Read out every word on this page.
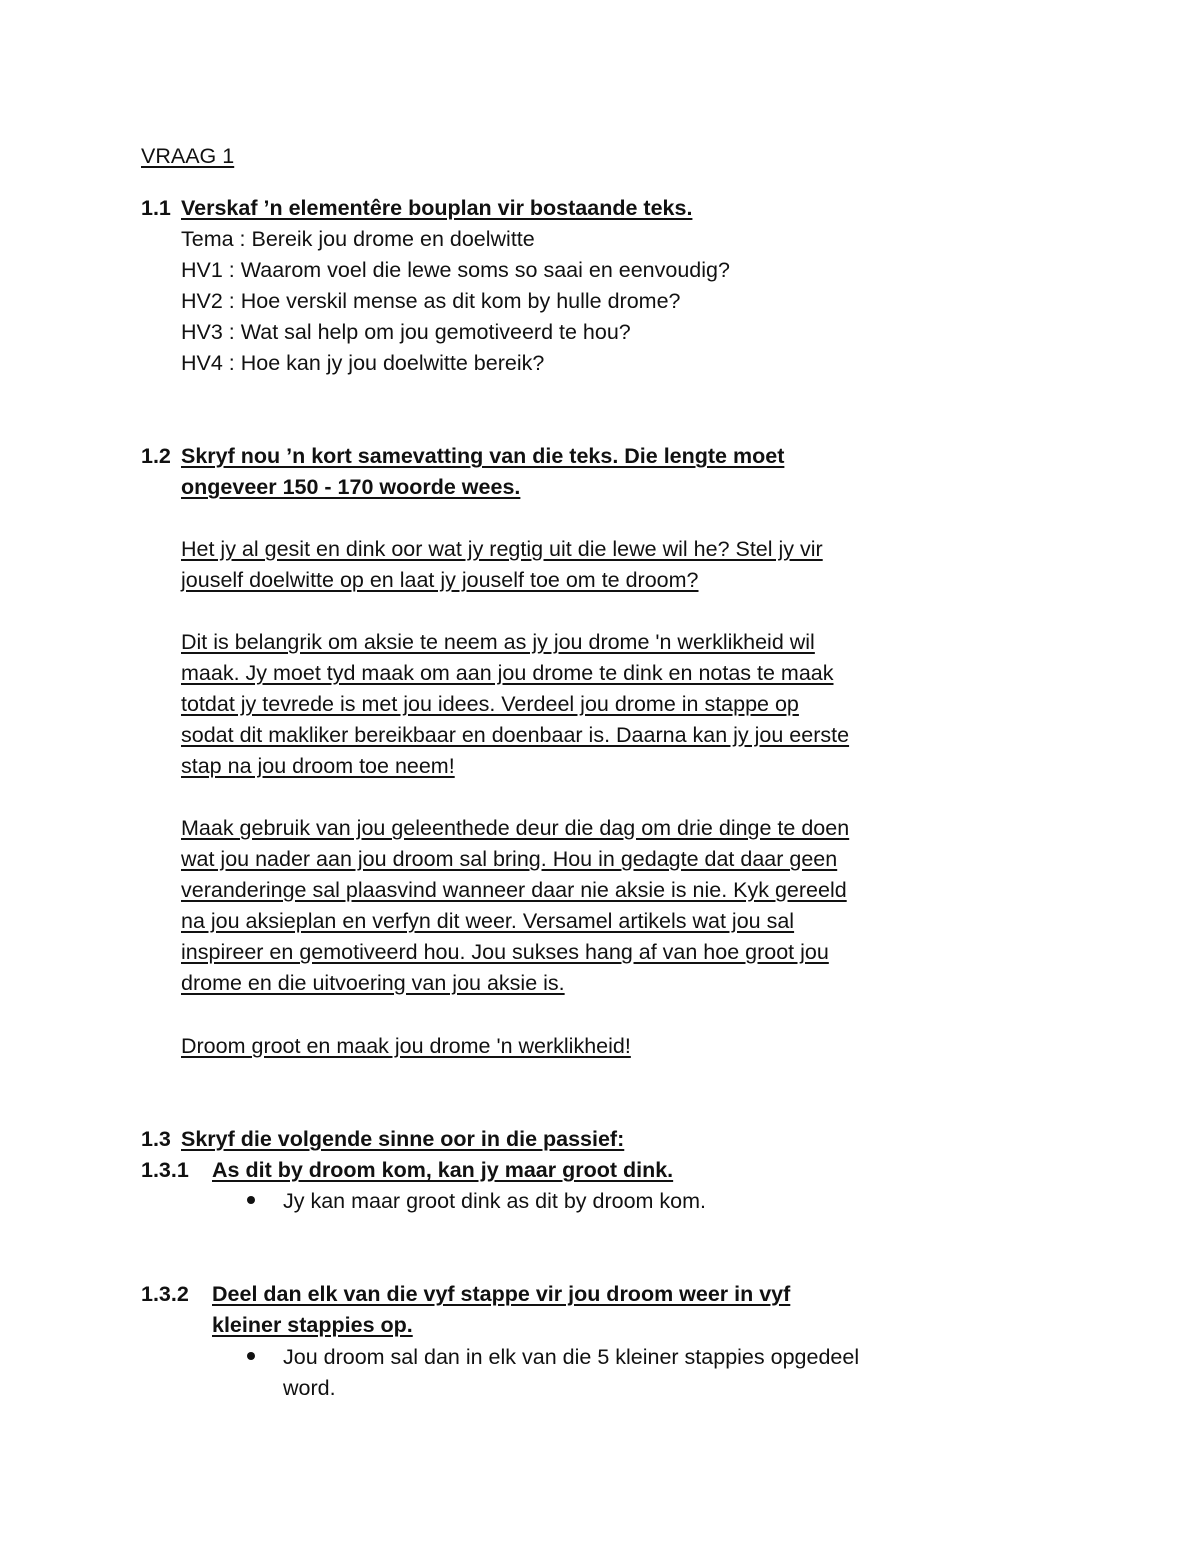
VRAAG 1
1.1 Verskaf ’n elementêre bouplan vir bostaande teks.
Tema : Bereik jou drome en doelwitte
HV1 : Waarom voel die lewe soms so saai en eenvoudig?
HV2 : Hoe verskil mense as dit kom by hulle drome?
HV3 : Wat sal help om jou gemotiveerd te hou?
HV4 : Hoe kan jy jou doelwitte bereik?
1.2 Skryf nou ’n kort samevatting van die teks. Die lengte moet
ongeveer 150 - 170 woorde wees.
Het jy al gesit en dink oor wat jy regtig uit die lewe wil he? Stel jy vir
jouself doelwitte op en laat jy jouself toe om te droom?
Dit is belangrik om aksie te neem as jy jou drome 'n werklikheid wil
maak. Jy moet tyd maak om aan jou drome te dink en notas te maak
totdat jy tevrede is met jou idees. Verdeel jou drome in stappe op
sodat dit makliker bereikbaar en doenbaar is. Daarna kan jy jou eerste
stap na jou droom toe neem!
Maak gebruik van jou geleenthede deur die dag om drie dinge te doen
wat jou nader aan jou droom sal bring. Hou in gedagte dat daar geen
veranderinge sal plaasvind wanneer daar nie aksie is nie. Kyk gereeld
na jou aksieplan en verfyn dit weer. Versamel artikels wat jou sal
inspireer en gemotiveerd hou. Jou sukses hang af van hoe groot jou
drome en die uitvoering van jou aksie is.
Droom groot en maak jou drome 'n werklikheid!
1.3 Skryf die volgende sinne oor in die passief:
1.3.1 As dit by droom kom, kan jy maar groot dink.
Jy kan maar groot dink as dit by droom kom.
1.3.2 Deel dan elk van die vyf stappe vir jou droom weer in vyf
kleiner stappies op.
Jou droom sal dan in elk van die 5 kleiner stappies opgedeel
word.
